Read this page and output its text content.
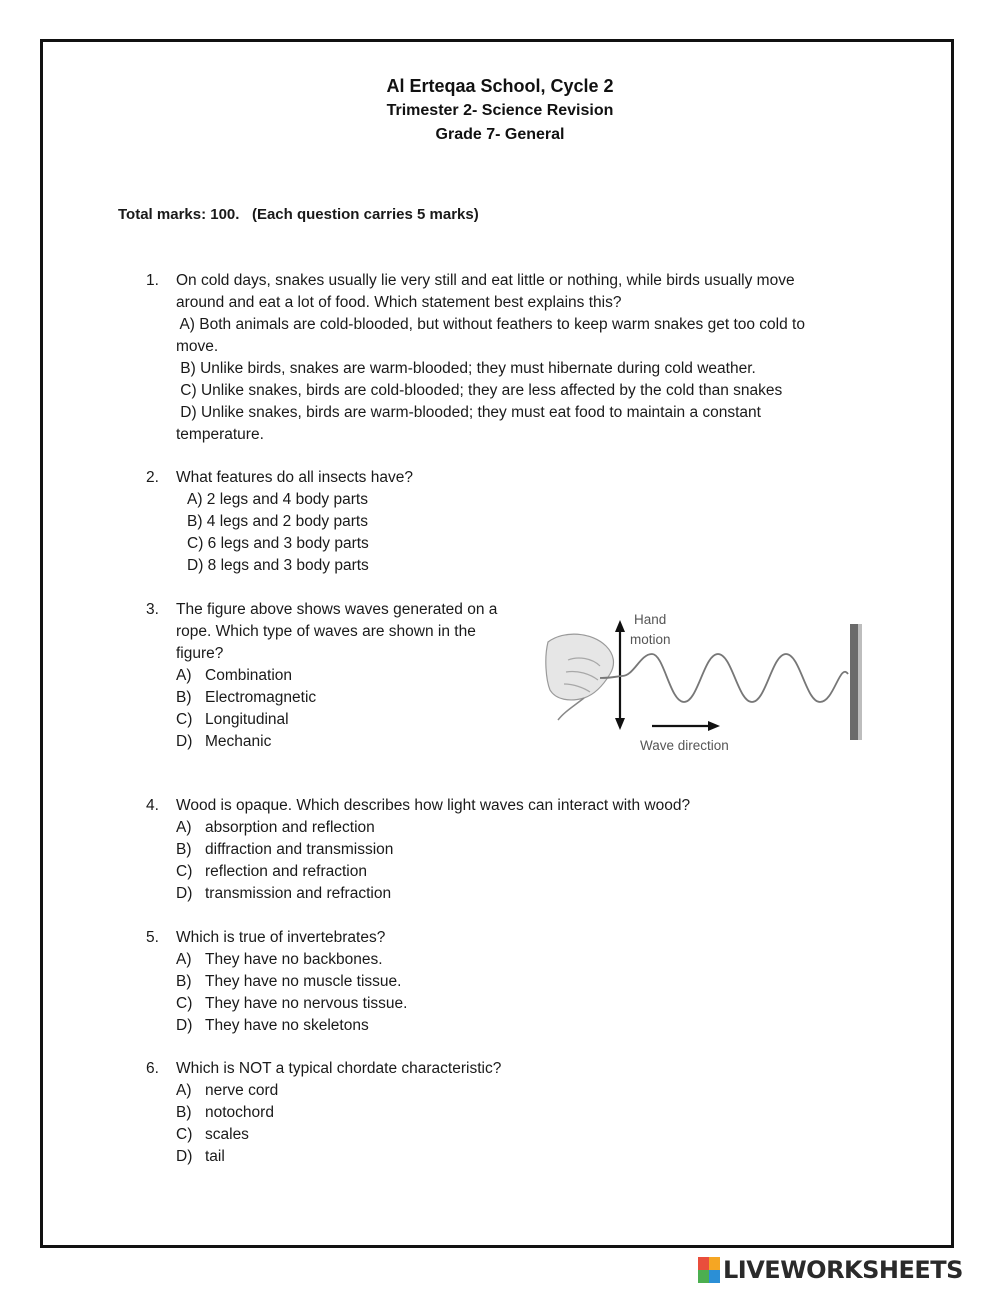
Al Erteqaa School, Cycle 2
Trimester 2- Science Revision
Grade 7- General
Total marks: 100.   (Each question carries 5 marks)
1. On cold days, snakes usually lie very still and eat little or nothing, while birds usually move
around and eat a lot of food. Which statement best explains this?
A) Both animals are cold-blooded, but without feathers to keep warm snakes get too cold to
move.
B) Unlike birds, snakes are warm-blooded; they must hibernate during cold weather.
C) Unlike snakes, birds are cold-blooded; they are less affected by the cold than snakes
D) Unlike snakes, birds are warm-blooded; they must eat food to maintain a constant
temperature.
2. What features do all insects have?
A) 2 legs and 4 body parts
B) 4 legs and 2 body parts
C) 6 legs and 3 body parts
D) 8 legs and 3 body parts
3. The figure above shows waves generated on a
rope. Which type of waves are shown in the
figure?
A) Combination
B) Electromagnetic
C) Longitudinal
D) Mechanic
Hand
motion
Wave direction
4. Wood is opaque. Which describes how light waves can interact with wood?
A) absorption and reflection
B) diffraction and transmission
C) reflection and refraction
D) transmission and refraction
5. Which is true of invertebrates?
A) They have no backbones.
B) They have no muscle tissue.
C) They have no nervous tissue.
D) They have no skeletons
6. Which is NOT a typical chordate characteristic?
A) nerve cord
B) notochord
C) scales
D) tail
LIVEWORKSHEETS
